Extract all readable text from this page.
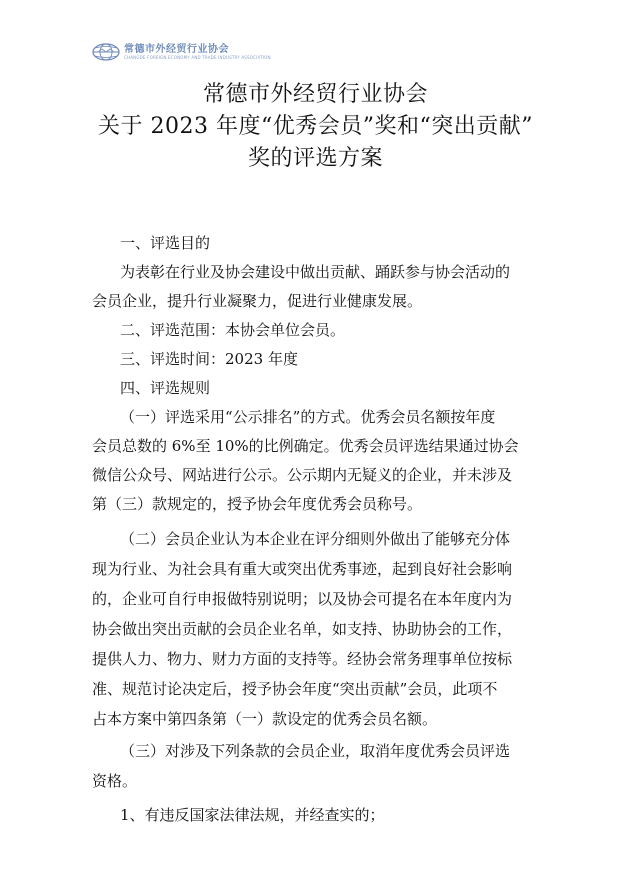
常德市外经贸行业协会
CHANGDE FOREIGN ECONOMY AND TRADE INDUSTRY ASSOCIATION
常德市外经贸行业协会
关于 2023 年度“优秀会员”奖和“突出贡献”
奖的评选方案
一、评选目的
为表彰在行业及协会建设中做出贡献、踊跃参与协会活动的
会员企业，提升行业凝聚力，促进行业健康发展。
二、评选范围：本协会单位会员。
三、评选时间：2023 年度
四、评选规则
（一）评选采用“公示排名”的方式。优秀会员名额按年度
会员总数的 6%至 10%的比例确定。优秀会员评选结果通过协会
微信公众号、网站进行公示。公示期内无疑义的企业，并未涉及
第（三）款规定的，授予协会年度优秀会员称号。
（二）会员企业认为本企业在评分细则外做出了能够充分体
现为行业、为社会具有重大或突出优秀事迹，起到良好社会影响
的，企业可自行申报做特别说明；以及协会可提名在本年度内为
协会做出突出贡献的会员企业名单，如支持、协助协会的工作，
提供人力、物力、财力方面的支持等。经协会常务理事单位按标
准、规范讨论决定后，授予协会年度“突出贡献”会员，此项不
占本方案中第四条第（一）款设定的优秀会员名额。
（三）对涉及下列条款的会员企业，取消年度优秀会员评选
资格。
1、有违反国家法律法规，并经查实的；
